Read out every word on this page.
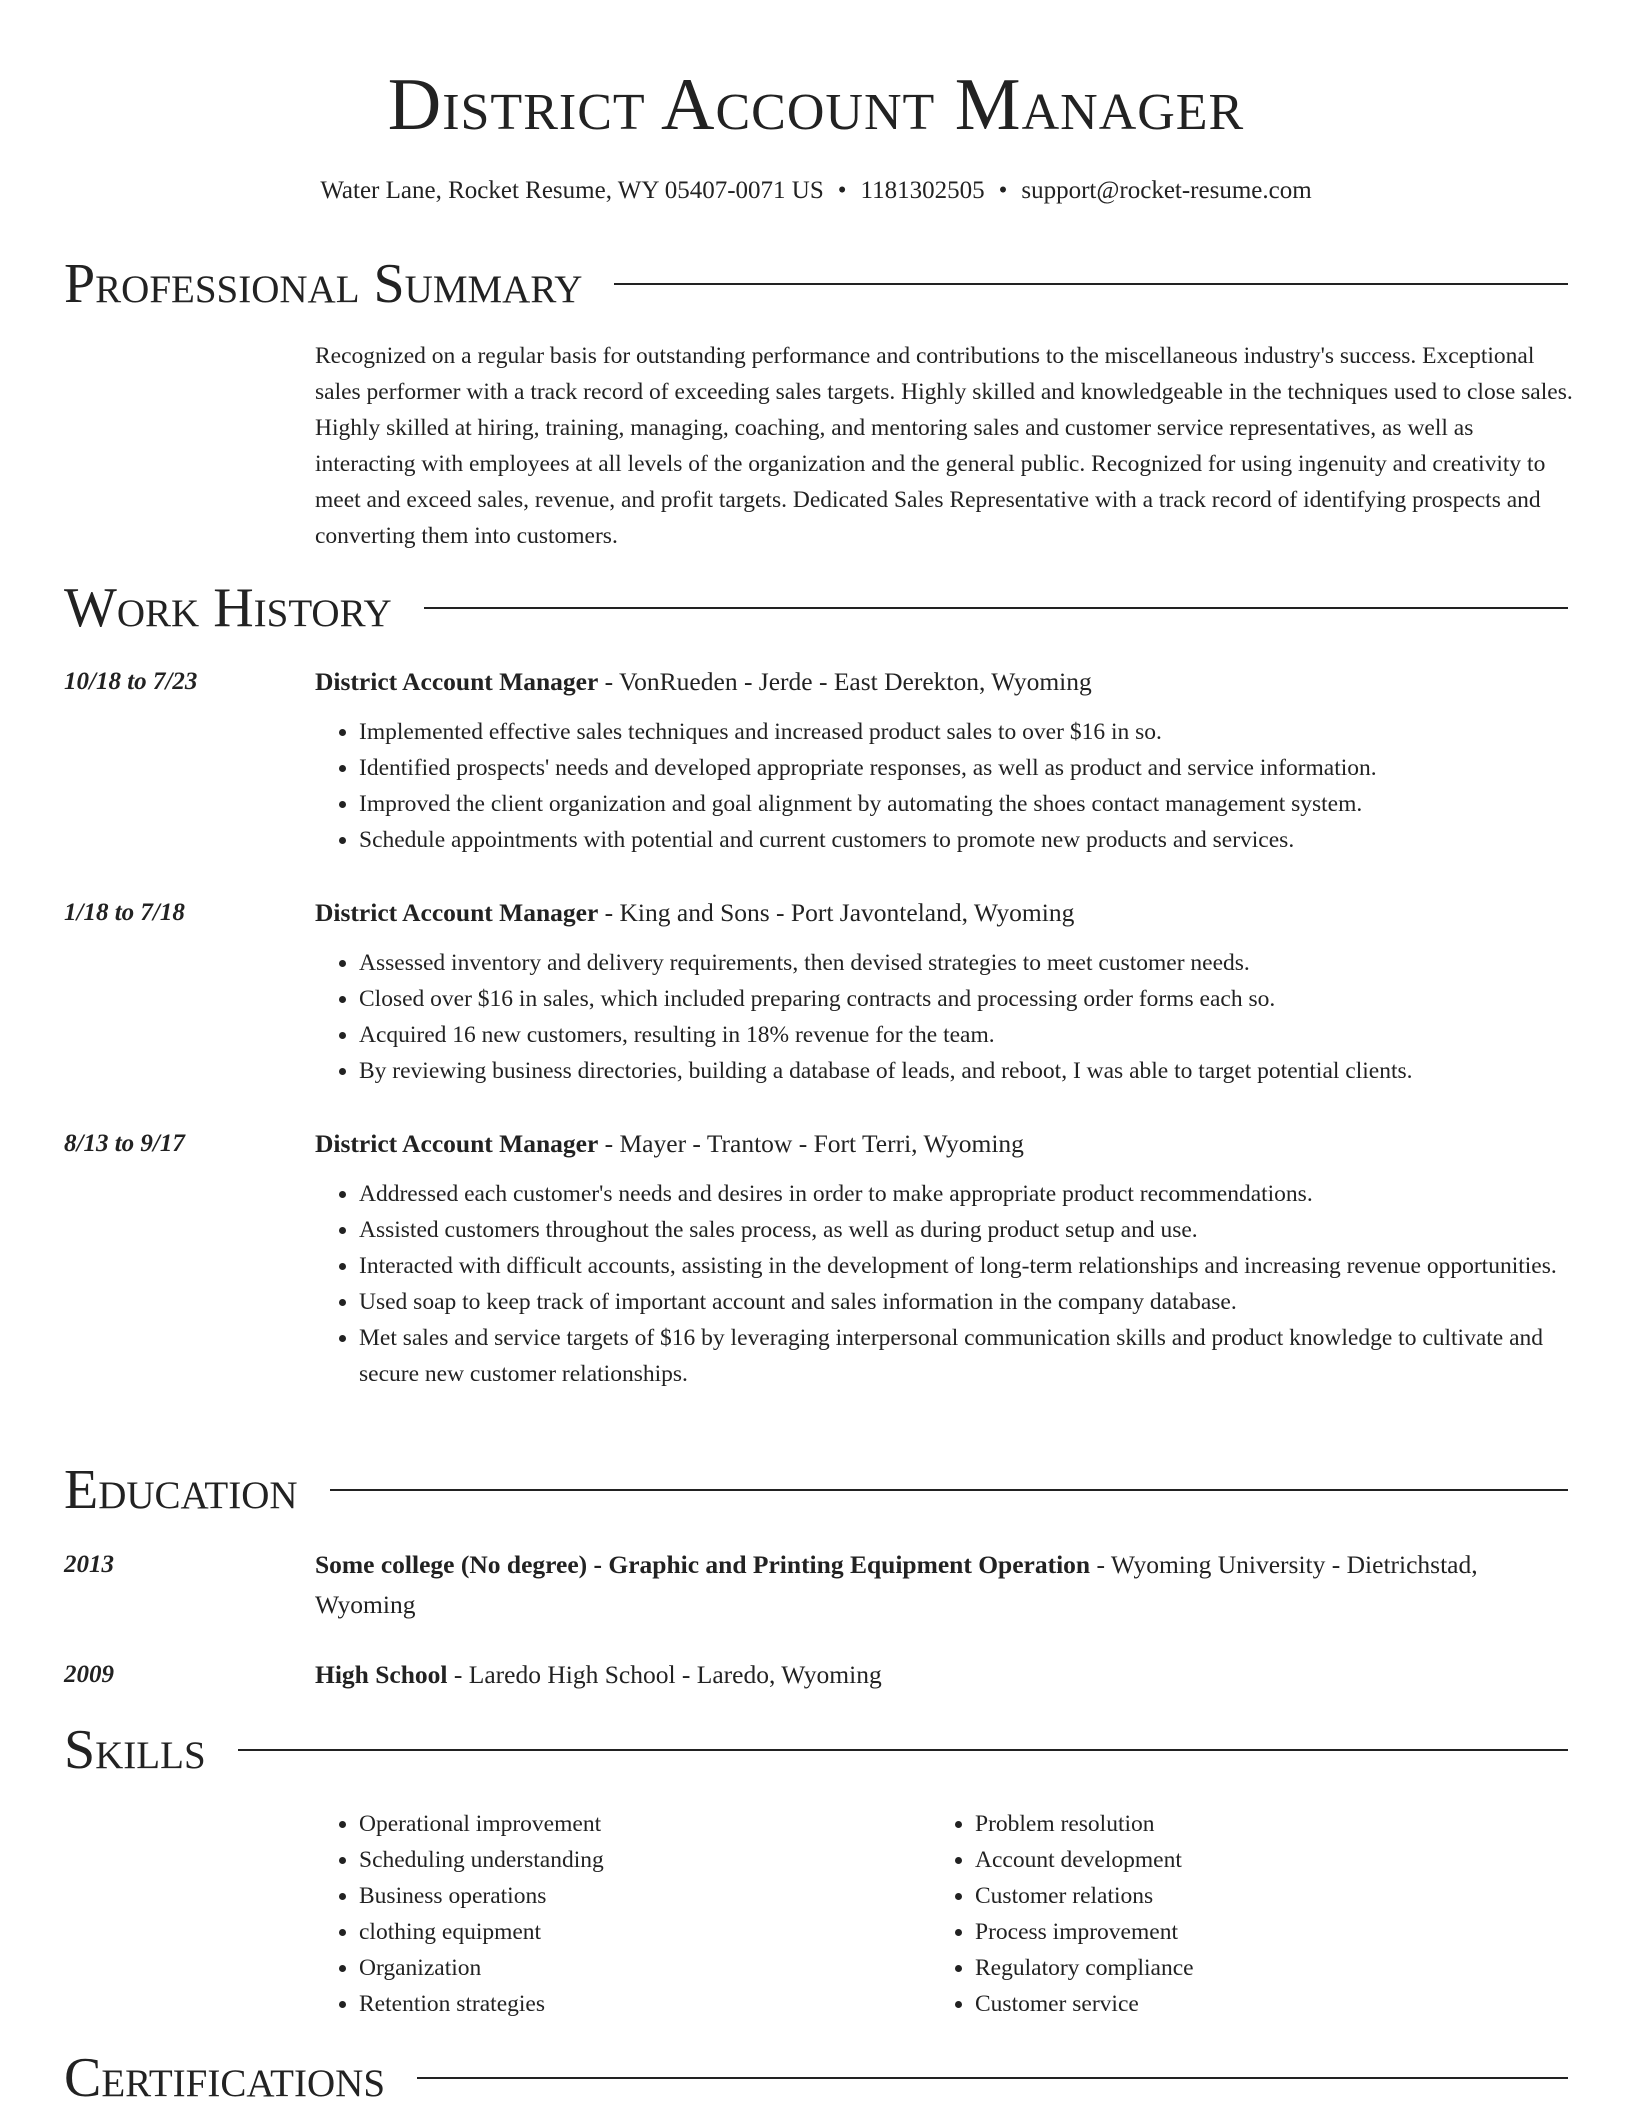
District Account Manager
Water Lane, Rocket Resume, WY 05407-0071 US • 1181302505 • support@rocket-resume.com
Professional Summary
Recognized on a regular basis for outstanding performance and contributions to the miscellaneous industry's success. Exceptional sales performer with a track record of exceeding sales targets. Highly skilled and knowledgeable in the techniques used to close sales. Highly skilled at hiring, training, managing, coaching, and mentoring sales and customer service representatives, as well as interacting with employees at all levels of the organization and the general public. Recognized for using ingenuity and creativity to meet and exceed sales, revenue, and profit targets. Dedicated Sales Representative with a track record of identifying prospects and converting them into customers.
Work History
10/18 to 7/23	District Account Manager - VonRueden - Jerde - East Derekton, Wyoming
• Implemented effective sales techniques and increased product sales to over $16 in so.
• Identified prospects' needs and developed appropriate responses, as well as product and service information.
• Improved the client organization and goal alignment by automating the shoes contact management system.
• Schedule appointments with potential and current customers to promote new products and services.
1/18 to 7/18	District Account Manager - King and Sons - Port Javonteland, Wyoming
• Assessed inventory and delivery requirements, then devised strategies to meet customer needs.
• Closed over $16 in sales, which included preparing contracts and processing order forms each so.
• Acquired 16 new customers, resulting in 18% revenue for the team.
• By reviewing business directories, building a database of leads, and reboot, I was able to target potential clients.
8/13 to 9/17	District Account Manager - Mayer - Trantow - Fort Terri, Wyoming
• Addressed each customer's needs and desires in order to make appropriate product recommendations.
• Assisted customers throughout the sales process, as well as during product setup and use.
• Interacted with difficult accounts, assisting in the development of long-term relationships and increasing revenue opportunities.
• Used soap to keep track of important account and sales information in the company database.
• Met sales and service targets of $16 by leveraging interpersonal communication skills and product knowledge to cultivate and secure new customer relationships.
Education
2013	Some college (No degree) - Graphic and Printing Equipment Operation - Wyoming University - Dietrichstad, Wyoming
2009	High School - Laredo High School - Laredo, Wyoming
Skills
• Operational improvement
• Scheduling understanding
• Business operations
• clothing equipment
• Organization
• Retention strategies
• Problem resolution
• Account development
• Customer relations
• Process improvement
• Regulatory compliance
• Customer service
Certifications
